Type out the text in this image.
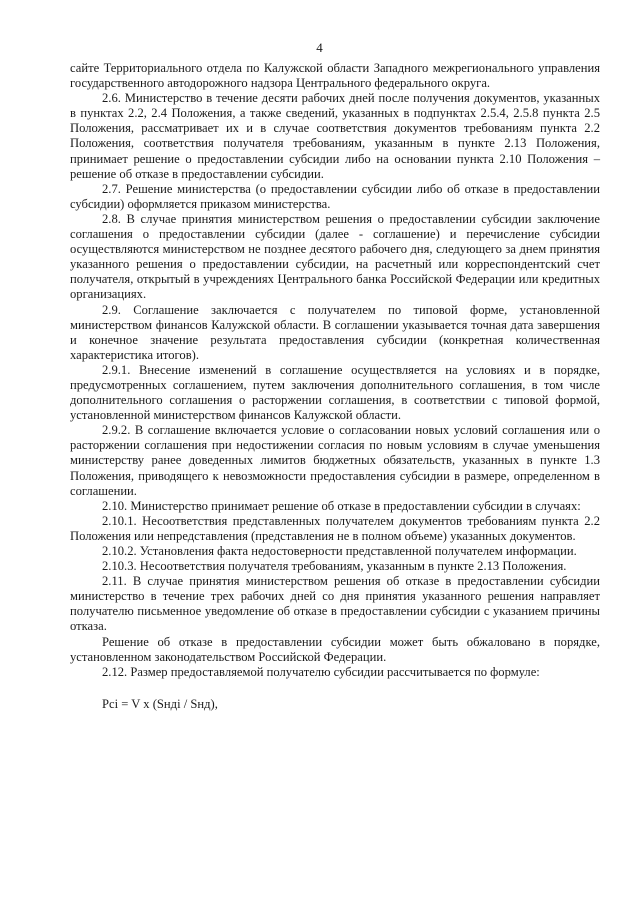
4

сайте Территориального отдела по Калужской области Западного межрегионального управления государственного автодорожного надзора Центрального федерального округа.

2.6. Министерство в течение десяти рабочих дней после получения документов, указанных в пунктах 2.2, 2.4 Положения, а также сведений, указанных в подпунктах 2.5.4, 2.5.8 пункта 2.5 Положения, рассматривает их и в случае соответствия документов требованиям пункта 2.2 Положения, соответствия получателя требованиям, указанным в пункте 2.13 Положения, принимает решение о предоставлении субсидии либо на основании пункта 2.10 Положения – решение об отказе в предоставлении субсидии.

2.7. Решение министерства (о предоставлении субсидии либо об отказе в предоставлении субсидии) оформляется приказом министерства.

2.8. В случае принятия министерством решения о предоставлении субсидии заключение соглашения о предоставлении субсидии (далее - соглашение) и перечисление субсидии осуществляются министерством не позднее десятого рабочего дня, следующего за днем принятия указанного решения о предоставлении субсидии, на расчетный или корреспондентский счет получателя, открытый в учреждениях Центрального банка Российской Федерации или кредитных организациях.

2.9. Соглашение заключается с получателем по типовой форме, установленной министерством финансов Калужской области. В соглашении указывается точная дата завершения и конечное значение результата предоставления субсидии (конкретная количественная характеристика итогов).

2.9.1. Внесение изменений в соглашение осуществляется на условиях и в порядке, предусмотренных соглашением, путем заключения дополнительного соглашения, в том числе дополнительного соглашения о расторжении соглашения, в соответствии с типовой формой, установленной министерством финансов Калужской области.

2.9.2. В соглашение включается условие о согласовании новых условий соглашения или о расторжении соглашения при недостижении согласия по новым условиям в случае уменьшения министерству ранее доведенных лимитов бюджетных обязательств, указанных в пункте 1.3 Положения, приводящего к невозможности предоставления субсидии в размере, определенном в соглашении.

2.10. Министерство принимает решение об отказе в предоставлении субсидии в случаях:

2.10.1. Несоответствия представленных получателем документов требованиям пункта 2.2 Положения или непредставления (представления не в полном объеме) указанных документов.

2.10.2. Установления факта недостоверности представленной получателем информации.

2.10.3. Несоответствия получателя требованиям, указанным в пункте 2.13 Положения.

2.11. В случае принятия министерством решения об отказе в предоставлении субсидии министерство в течение трех рабочих дней со дня принятия указанного решения направляет получателю письменное уведомление об отказе в предоставлении субсидии с указанием причины отказа.

Решение об отказе в предоставлении субсидии может быть обжаловано в порядке, установленном законодательством Российской Федерации.

2.12. Размер предоставляемой получателю субсидии рассчитывается по формуле:

Pci = V x (Sндi / Sнд),
